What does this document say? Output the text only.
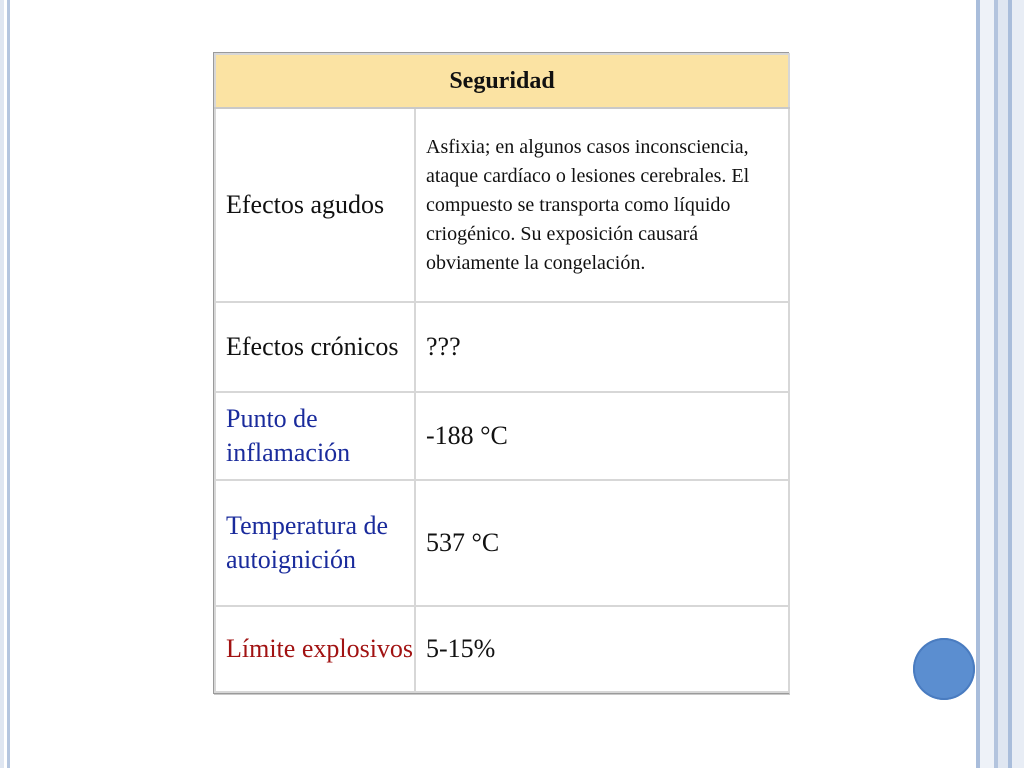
Seguridad	
Efectos agudos	Asfixia; en algunos casos inconsciencia, ataque cardíaco o lesiones cerebrales. El compuesto se transporta como líquido criogénico. Su exposición causará obviamente la congelación.
Efectos crónicos	???
Punto de inflamación	-188 °C
Temperatura de autoignición	537 °C
Límite explosivos	5-15%
